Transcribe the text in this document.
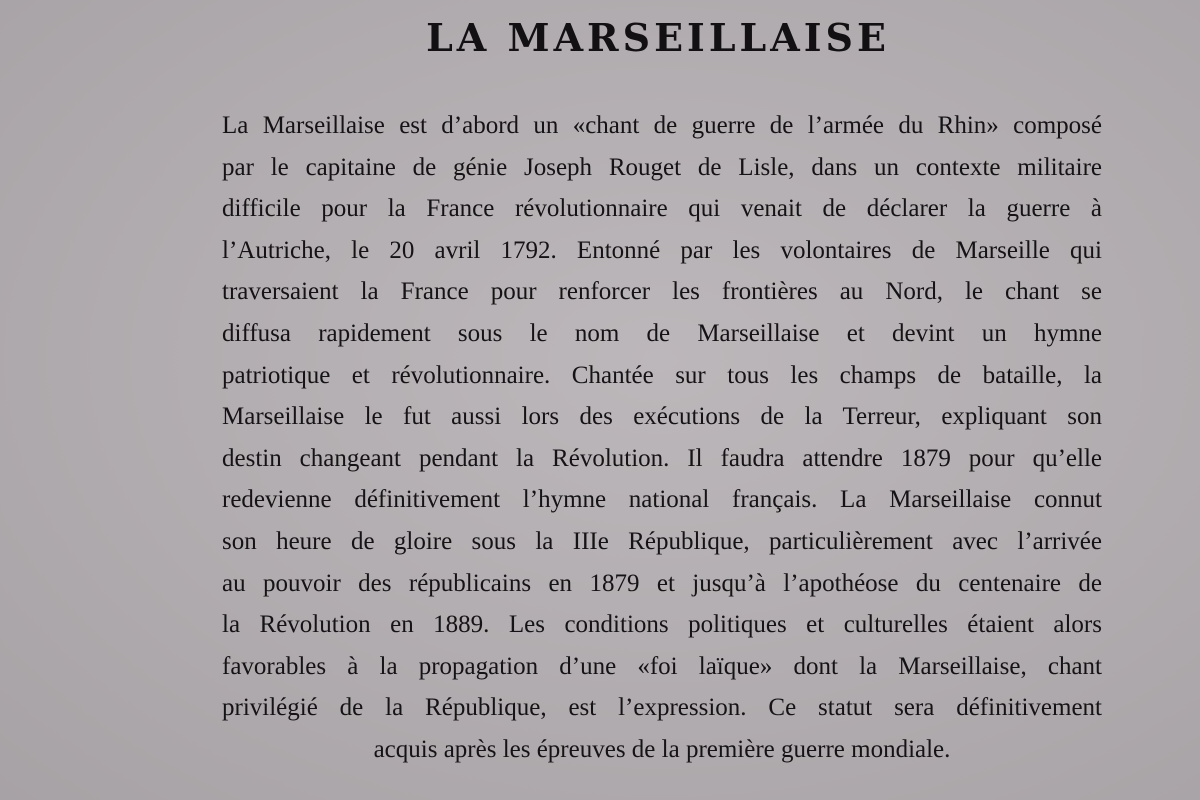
LA MARSEILLAISE
La Marseillaise est d’abord un «chant de guerre de l’armée du Rhin» composé
par le capitaine de génie Joseph Rouget de Lisle, dans un contexte militaire
difficile pour la France révolutionnaire qui venait de déclarer la guerre à
l’Autriche, le 20 avril 1792. Entonné par les volontaires de Marseille qui
traversaient la France pour renforcer les frontières au Nord, le chant se
diffusa rapidement sous le nom de Marseillaise et devint un hymne
patriotique et révolutionnaire. Chantée sur tous les champs de bataille, la
Marseillaise le fut aussi lors des exécutions de la Terreur, expliquant son
destin changeant pendant la Révolution. Il faudra attendre 1879 pour qu’elle
redevienne définitivement l’hymne national français. La Marseillaise connut
son heure de gloire sous la IIIe République, particulièrement avec l’arrivée
au pouvoir des républicains en 1879 et jusqu’à l’apothéose du centenaire de
la Révolution en 1889. Les conditions politiques et culturelles étaient alors
favorables à la propagation d’une «foi laïque» dont la Marseillaise, chant
privilégié de la République, est l’expression. Ce statut sera définitivement
acquis après les épreuves de la première guerre mondiale.
